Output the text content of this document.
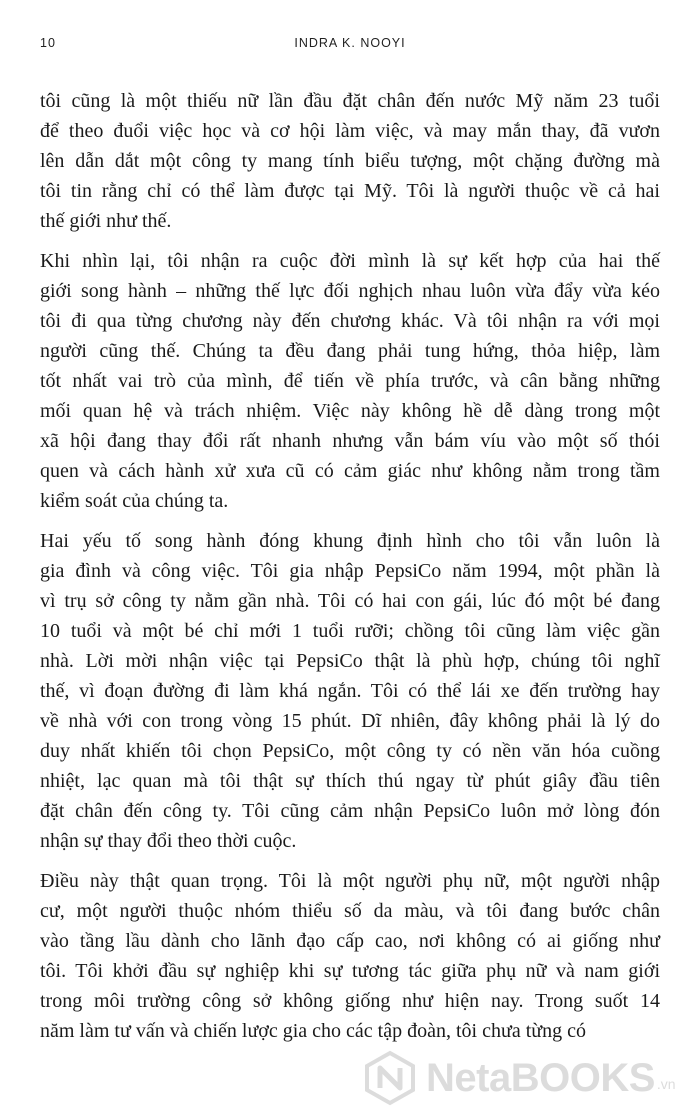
10	INDRA K. NOOYI

tôi cũng là một thiếu nữ lần đầu đặt chân đến nước Mỹ năm 23 tuổi
để theo đuổi việc học và cơ hội làm việc, và may mắn thay, đã vươn
lên dẫn dắt một công ty mang tính biểu tượng, một chặng đường mà
tôi tin rằng chỉ có thể làm được tại Mỹ. Tôi là người thuộc về cả hai
thế giới như thế.

Khi nhìn lại, tôi nhận ra cuộc đời mình là sự kết hợp của hai thế
giới song hành – những thế lực đối nghịch nhau luôn vừa đẩy vừa kéo
tôi đi qua từng chương này đến chương khác. Và tôi nhận ra với mọi
người cũng thế. Chúng ta đều đang phải tung hứng, thỏa hiệp, làm
tốt nhất vai trò của mình, để tiến về phía trước, và cân bằng những
mối quan hệ và trách nhiệm. Việc này không hề dễ dàng trong một
xã hội đang thay đổi rất nhanh nhưng vẫn bám víu vào một số thói
quen và cách hành xử xưa cũ có cảm giác như không nằm trong tầm
kiểm soát của chúng ta.

Hai yếu tố song hành đóng khung định hình cho tôi vẫn luôn là
gia đình và công việc. Tôi gia nhập PepsiCo năm 1994, một phần là
vì trụ sở công ty nằm gần nhà. Tôi có hai con gái, lúc đó một bé đang
10 tuổi và một bé chỉ mới 1 tuổi rưỡi; chồng tôi cũng làm việc gần
nhà. Lời mời nhận việc tại PepsiCo thật là phù hợp, chúng tôi nghĩ
thế, vì đoạn đường đi làm khá ngắn. Tôi có thể lái xe đến trường hay
về nhà với con trong vòng 15 phút. Dĩ nhiên, đây không phải là lý do
duy nhất khiến tôi chọn PepsiCo, một công ty có nền văn hóa cuồng
nhiệt, lạc quan mà tôi thật sự thích thú ngay từ phút giây đầu tiên
đặt chân đến công ty. Tôi cũng cảm nhận PepsiCo luôn mở lòng đón
nhận sự thay đổi theo thời cuộc.

Điều này thật quan trọng. Tôi là một người phụ nữ, một người nhập
cư, một người thuộc nhóm thiểu số da màu, và tôi đang bước chân
vào tầng lầu dành cho lãnh đạo cấp cao, nơi không có ai giống như
tôi. Tôi khởi đầu sự nghiệp khi sự tương tác giữa phụ nữ và nam giới
trong môi trường công sở không giống như hiện nay. Trong suốt 14
năm làm tư vấn và chiến lược gia cho các tập đoàn, tôi chưa từng có

NetaBOOKS .vn
